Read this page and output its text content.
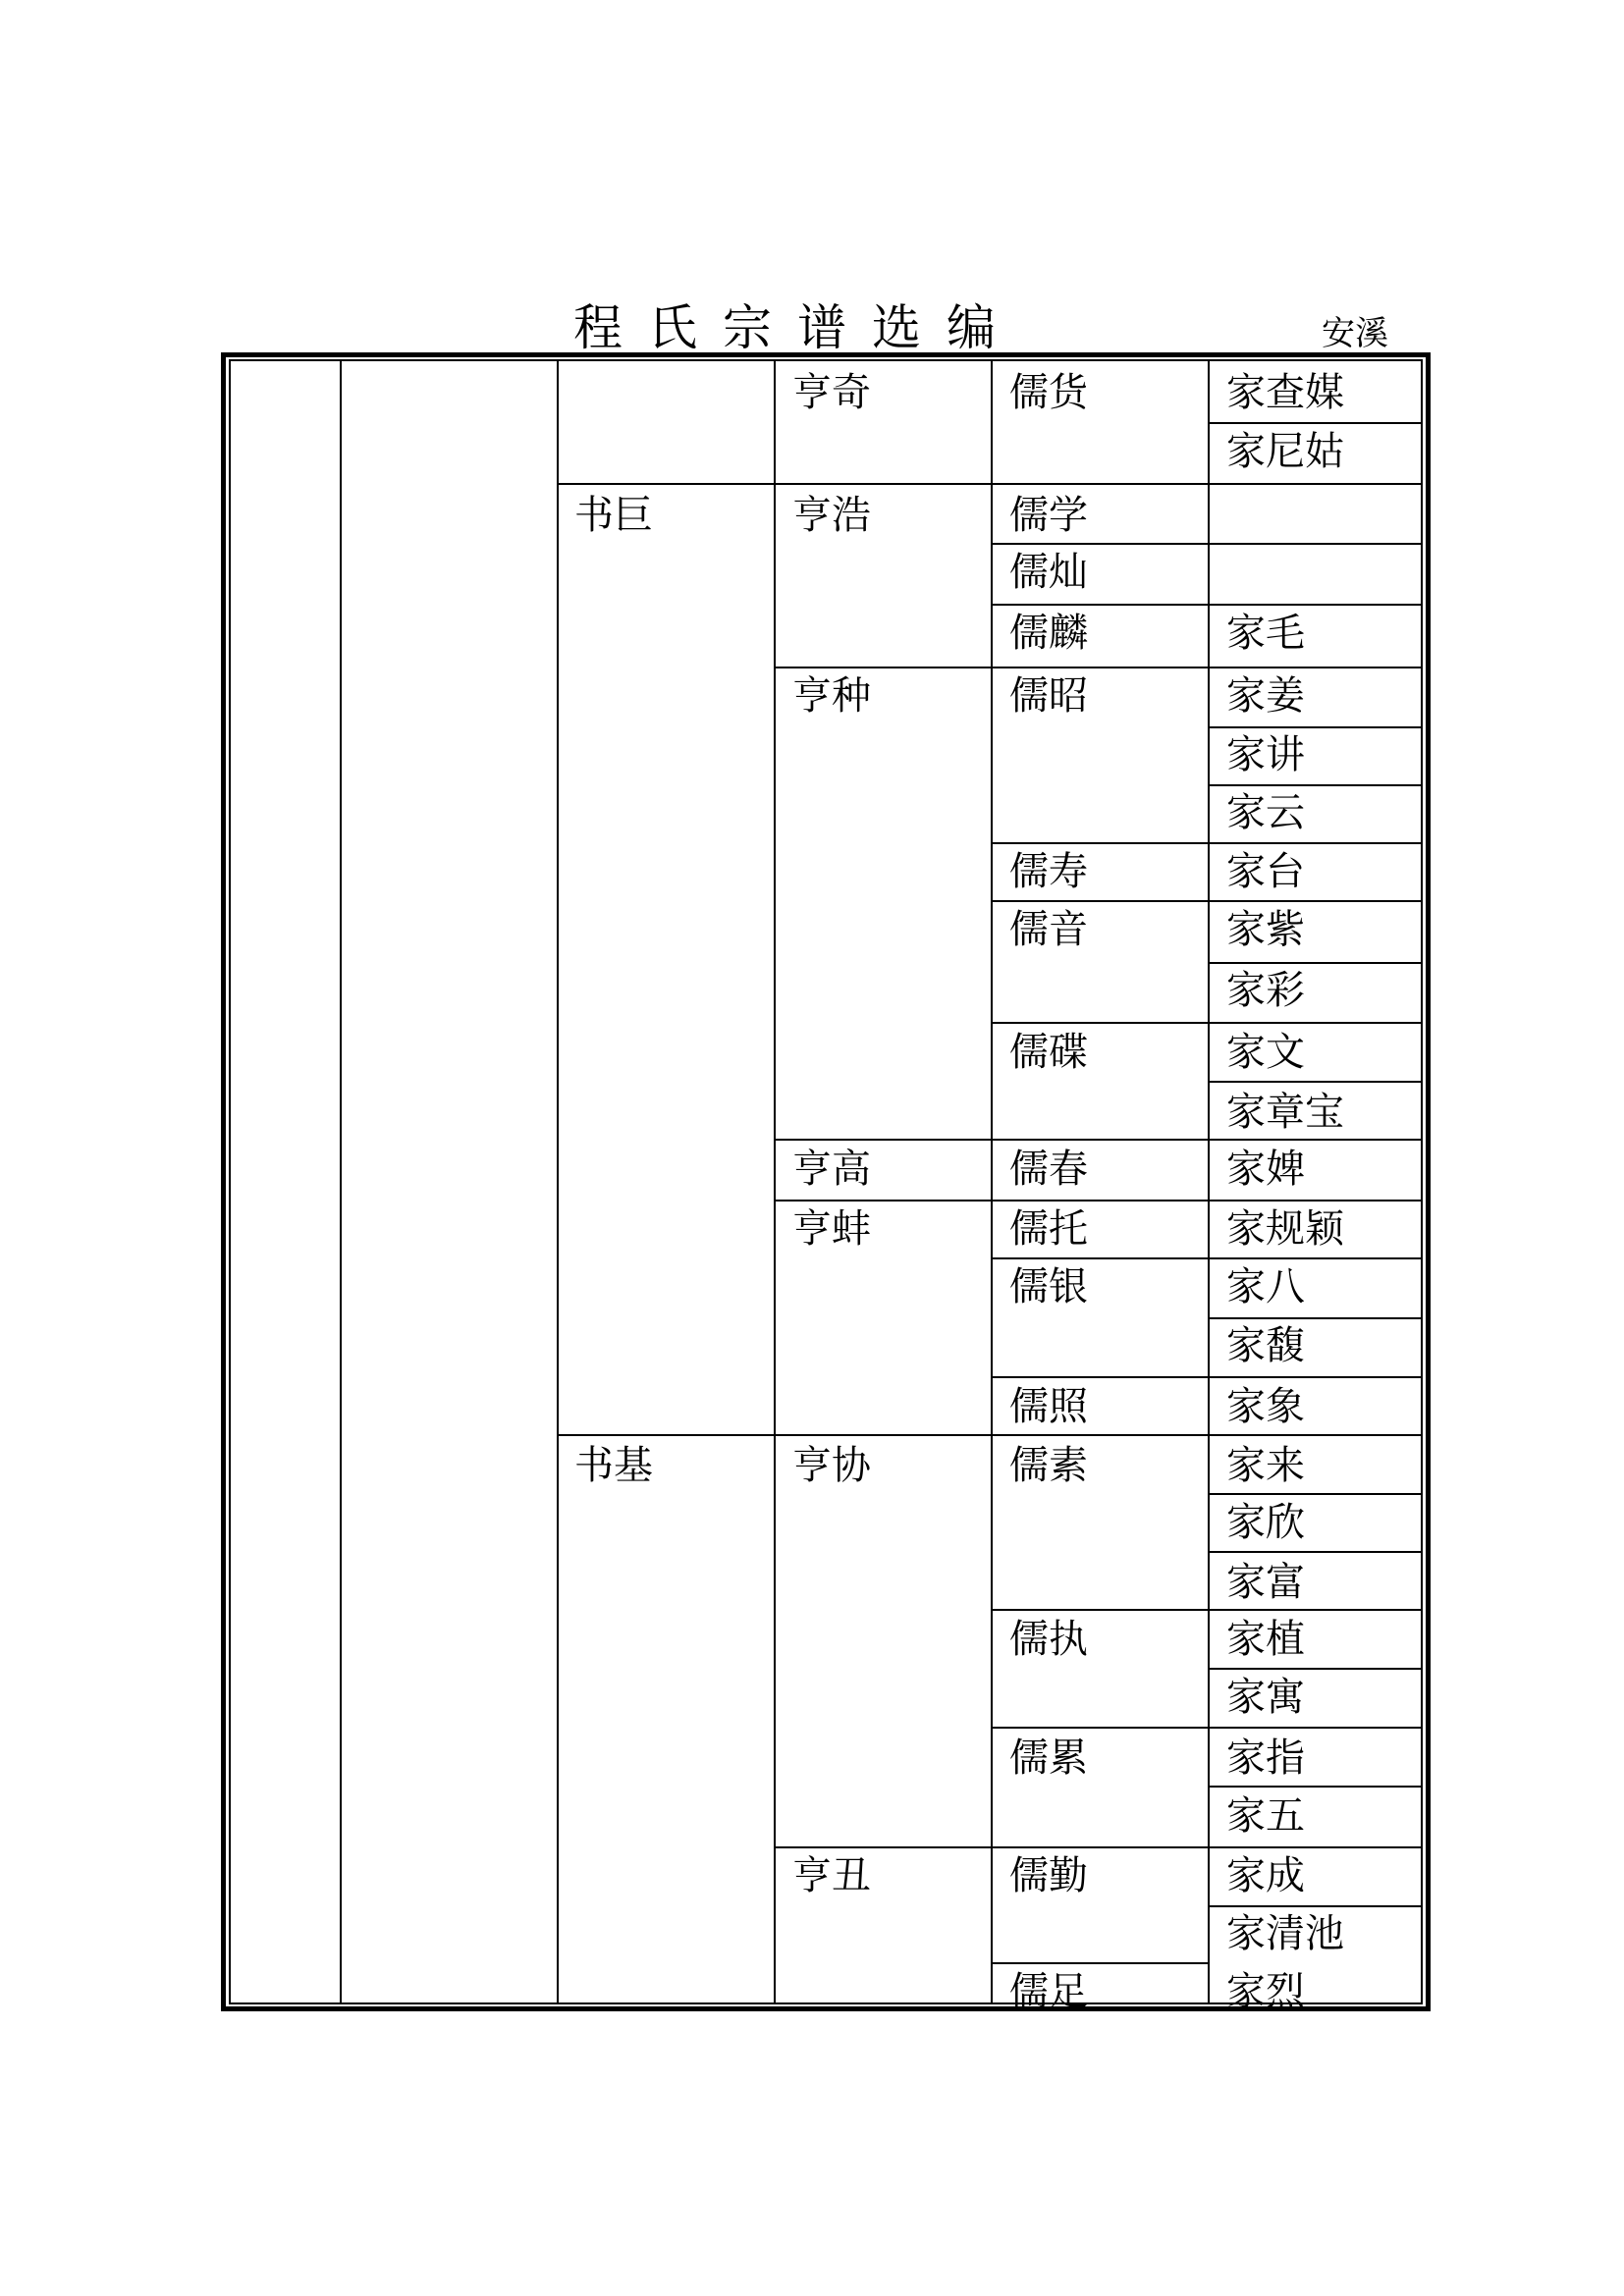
程氏宗谱选编	安溪
书巨
书基
亨奇
亨浩
亨种
亨高
亨蚌
亨协
亨丑
儒货
儒学
儒灿
儒麟
儒昭
儒寿
儒音
儒碟
儒春
儒托
儒银
儒照
儒素
儒执
儒累
儒勤
儒足
家查媒
家尼姑
家毛
家姜
家讲
家云
家台
家紫
家彩
家文
家章宝
家婢
家规颖
家八
家馥
家象
家来
家欣
家富
家植
家寓
家指
家五
家成
家清池
家烈
